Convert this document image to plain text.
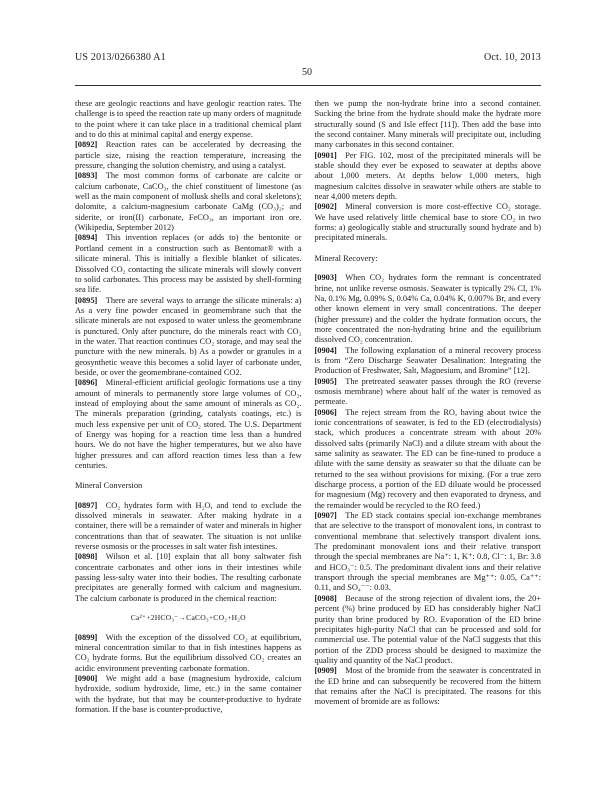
US 2013/0266380 A1	Oct. 10, 2013
50

these are geologic reactions and have geologic reaction rates. The challenge is to speed the reaction rate up many orders of magnitude to the point where it can take place in a traditional chemical plant and to do this at minimal capital and energy expense.

[0892] Reaction rates can be accelerated by decreasing the particle size, raising the reaction temperature, increasing the pressure, changing the solution chemistry, and using a catalyst.

[0893] The most common forms of carbonate are calcite or calcium carbonate, CaCO₃, the chief constituent of limestone (as well as the main component of mollusk shells and coral skeletons); dolomite, a calcium-magnesium carbonate CaMg (CO₃)₂; and siderite, or iron(II) carbonate, FeCO₃, an important iron ore. (Wikipedia, September 2012)

[0894] This invention replaces (or adds to) the bentonite or Portland cement in a construction such as Bentomat® with a silicate mineral. This is initially a flexible blanket of silicates. Dissolved CO₂ contacting the silicate minerals will slowly convert to solid carbonates. This process may be assisted by shell-forming sea life.

[0895] There are several ways to arrange the silicate minerals: a) As a very fine powder encased in geomembrane such that the silicate minerals are not exposed to water unless the geomembrane is punctured. Only after puncture, do the minerals react with CO₂ in the water. That reaction continues CO₂ storage, and may seal the puncture with the new minerals. b) As a powder or granules in a geosynthetic weave this becomes a solid layer of carbonate under, beside, or over the geomembrane-contained CO2.

[0896] Mineral-efficient artificial geologic formations use a tiny amount of minerals to permanently store large volumes of CO₂, instead of employing about the same amount of minerals as CO₂. The minerals preparation (grinding, catalysts coatings, etc.) is much less expensive per unit of CO₂ stored. The U.S. Department of Energy was hoping for a reaction time less than a hundred hours. We do not have the higher temperatures, but we also have higher pressures and can afford reaction times less than a few centuries.

Mineral Conversion

[0897] CO₂ hydrates form with H₂O, and tend to exclude the dissolved minerals in seawater. After making hydrate in a container, there will be a remainder of water and minerals in higher concentrations than that of seawater. The situation is not unlike reverse osmosis or the processes in salt water fish intestines.

[0898] Wilson et al. [10] explain that all bony saltwater fish concentrate carbonates and other ions in their intestines while passing less-salty water into their bodies. The resulting carbonate precipitates are generally formed with calcium and magnesium. The calcium carbonate is produced in the chemical reaction:

Ca²⁺+2HCO₃⁻→CaCO₃+CO₂+H₂O

[0899] With the exception of the dissolved CO₂ at equilibrium, mineral concentration similar to that in fish intestines happens as CO₂ hydrate forms. But the equilibrium dissolved CO₂ creates an acidic environment preventing carbonate formation.

[0900] We might add a base (magnesium hydroxide, calcium hydroxide, sodium hydroxide, lime, etc.) in the same container with the hydrate, but that may be counter-productive to hydrate formation. If the base is counter-productive,

then we pump the non-hydrate brine into a second container. Sucking the brine from the hydrate should make the hydrate more structurally sound (S and Isle effect [11]). Then add the base into the second container. Many minerals will precipitate out, including many carbonates in this second container.

[0901] Per FIG. 102, most of the precipitated minerals will be stable should they ever be exposed to seawater at depths above about 1,000 meters. At depths below 1,000 meters, high magnesium calcites dissolve in seawater while others are stable to near 4,000 meters depth.

[0902] Mineral conversion is more cost-effective CO₂ storage. We have used relatively little chemical base to store CO₂ in two forms: a) geologically stable and structurally sound hydrate and b) precipitated minerals.

Mineral Recovery:

[0903] When CO₂ hydrates form the remnant is concentrated brine, not unlike reverse osmosis. Seawater is typically 2% Cl, 1% Na, 0.1% Mg, 0.09% S, 0.04% Ca, 0.04% K, 0.007% Br, and every other known element in very small concentrations. The deeper (higher pressure) and the colder the hydrate formation occurs, the more concentrated the non-hydrating brine and the equilibrium dissolved CO₂ concentration.

[0904] The following explanation of a mineral recovery process is from “Zero Discharge Seawater Desalination: Integrating the Production of Freshwater, Salt, Magnesium, and Bromine” [12].

[0905] The pretreated seawater passes through the RO (reverse osmosis membrane) where about half of the water is removed as permeate.

[0906] The reject stream from the RO, having about twice the ionic concentrations of seawater, is fed to the ED (electrodialysis) stack, which produces a concentrate stream with about 20% dissolved salts (primarily NaCl) and a dilute stream with about the same salinity as seawater. The ED can be fine-tuned to produce a dilute with the same density as seawater so that the diluate can be returned to the sea without provisions for mixing. (For a true zero discharge process, a portion of the ED diluate would be processed for magnesium (Mg) recovery and then evaporated to dryness, and the remainder would be recycled to the RO feed.)

[0907] The ED stack contains special ion-exchange membranes that are selective to the transport of monovalent ions, in contrast to conventional membrane that selectively transport divalent ions. The predominant monovalent ions and their relative transport through the special membranes are Na⁺: 1, K⁺: 0.8, Cl⁻: 1, Br: 3.8 and HCO₃⁻: 0.5. The predominant divalent ions and their relative transport through the special membranes are Mg⁺⁺: 0.05, Ca⁺⁺: 0.11, and SO₄⁻⁻: 0.03.

[0908] Because of the strong rejection of divalent ions, the 20+ percent (%) brine produced by ED has considerably higher NaCl purity than brine produced by RO. Evaporation of the ED brine precipitates high-purity NaCl that can be processed and sold for commercial use. The potential value of the NaCl suggests that this portion of the ZDD process should be designed to maximize the quality and quantity of the NaCl product.

[0909] Most of the bromide from the seawater is concentrated in the ED brine and can subsequently be recovered from the bittern that remains after the NaCl is precipitated. The reasons for this movement of bromide are as follows:
